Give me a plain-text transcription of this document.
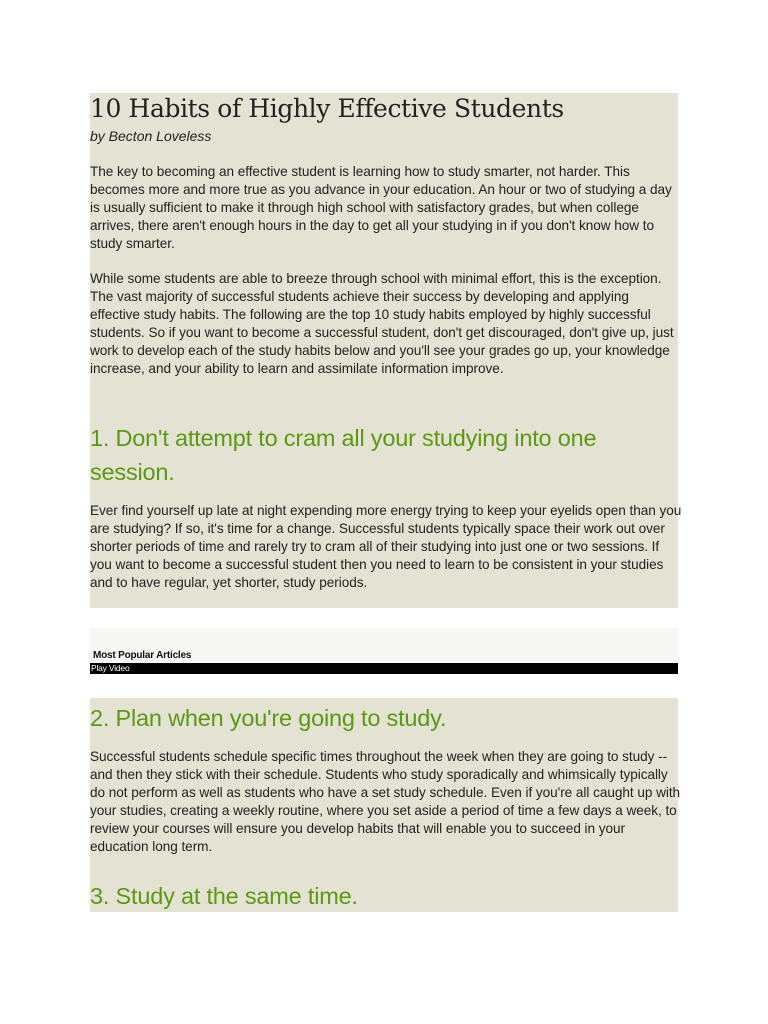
10 Habits of Highly Effective Students

by Becton Loveless

The key to becoming an effective student is learning how to study smarter, not harder. This becomes more and more true as you advance in your education. An hour or two of studying a day is usually sufficient to make it through high school with satisfactory grades, but when college arrives, there aren't enough hours in the day to get all your studying in if you don't know how to study smarter.

While some students are able to breeze through school with minimal effort, this is the exception. The vast majority of successful students achieve their success by developing and applying effective study habits. The following are the top 10 study habits employed by highly successful students. So if you want to become a successful student, don't get discouraged, don't give up, just work to develop each of the study habits below and you'll see your grades go up, your knowledge increase, and your ability to learn and assimilate information improve.

1. Don't attempt to cram all your studying into one session.

Ever find yourself up late at night expending more energy trying to keep your eyelids open than you are studying? If so, it's time for a change. Successful students typically space their work out over shorter periods of time and rarely try to cram all of their studying into just one or two sessions. If you want to become a successful student then you need to learn to be consistent in your studies and to have regular, yet shorter, study periods.

Most Popular Articles

Play Video
2. Plan when you're going to study.

Successful students schedule specific times throughout the week when they are going to study -- and then they stick with their schedule. Students who study sporadically and whimsically typically do not perform as well as students who have a set study schedule. Even if you're all caught up with your studies, creating a weekly routine, where you set aside a period of time a few days a week, to review your courses will ensure you develop habits that will enable you to succeed in your education long term.

3. Study at the same time.
